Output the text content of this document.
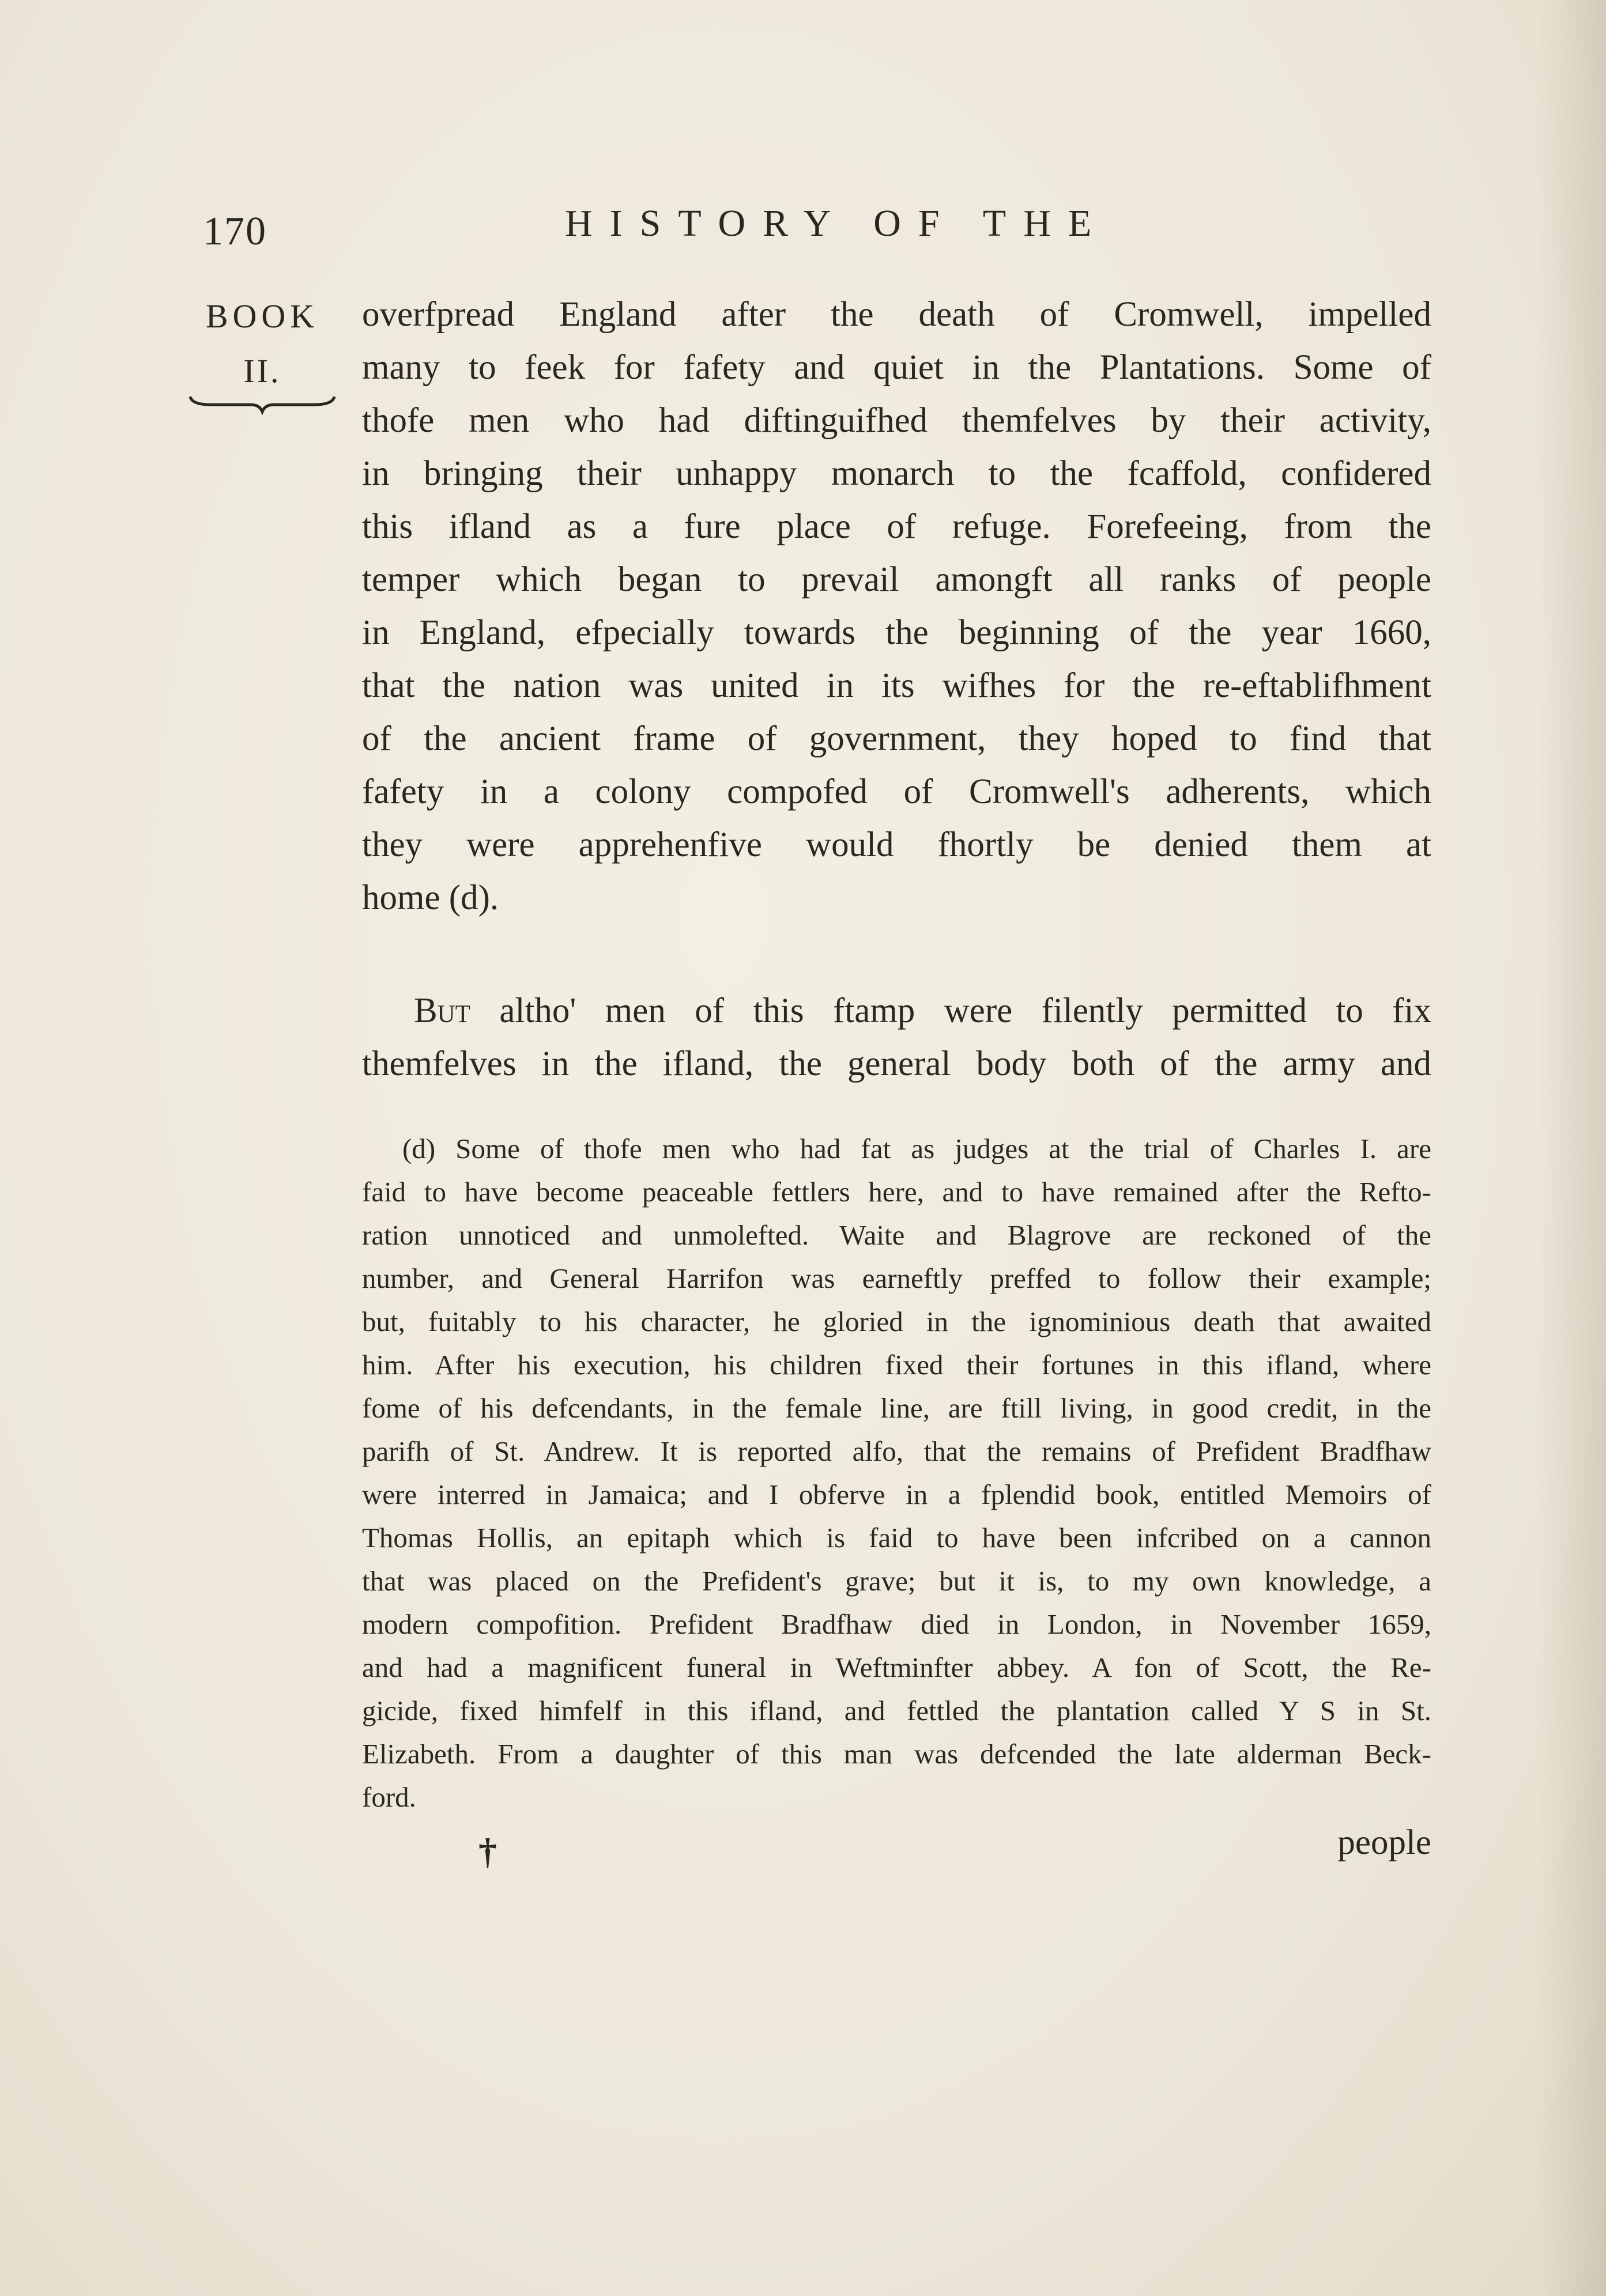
170	HISTORY OF THE
BOOK
II.
overfpread England after the death of Cromwell, impelled
many to feek for fafety and quiet in the Plantations. Some of
thofe men who had diftinguifhed themfelves by their activity,
in bringing their unhappy monarch to the fcaffold, confidered
this ifland as a fure place of refuge. Forefeeing, from the
temper which began to prevail amongft all ranks of people
in England, efpecially towards the beginning of the year 1660,
that the nation was united in its wifhes for the re-eftablifhment
of the ancient frame of government, they hoped to find that
fafety in a colony compofed of Cromwell's adherents, which
they were apprehenfive would fhortly be denied them at
home (d).
But altho' men of this ftamp were filently permitted to fix
themfelves in the ifland, the general body both of the army and
(d) Some of thofe men who had fat as judges at the trial of Charles I. are
faid to have become peaceable fettlers here, and to have remained after the Refto-
ration unnoticed and unmolefted. Waite and Blagrove are reckoned of the
number, and General Harrifon was earneftly preffed to follow their example;
but, fuitably to his character, he gloried in the ignominious death that awaited
him. After his execution, his children fixed their fortunes in this ifland, where
fome of his defcendants, in the female line, are ftill living, in good credit, in the
parifh of St. Andrew. It is reported alfo, that the remains of Prefident Bradfhaw
were interred in Jamaica; and I obferve in a fplendid book, entitled Memoirs of
Thomas Hollis, an epitaph which is faid to have been infcribed on a cannon
that was placed on the Prefident's grave; but it is, to my own knowledge, a
modern compofition. Prefident Bradfhaw died in London, in November 1659,
and had a magnificent funeral in Weftminfter abbey. A fon of Scott, the Re-
gicide, fixed himfelf in this ifland, and fettled the plantation called Y S in St.
Elizabeth. From a daughter of this man was defcended the late alderman Beck-
ford.
†	people
